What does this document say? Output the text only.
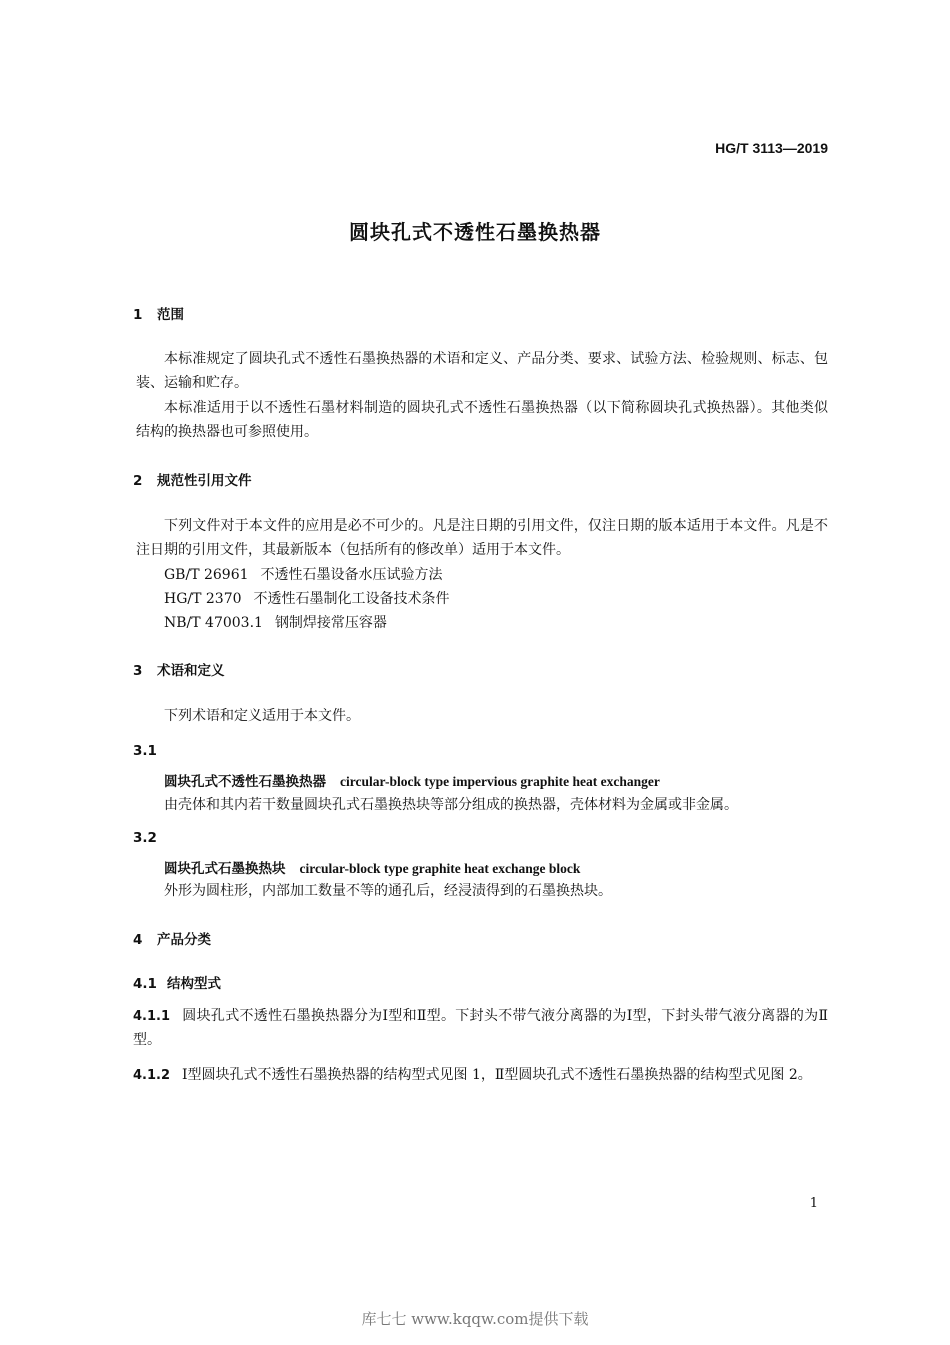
HG/T 3113—2019
圆块孔式不透性石墨换热器
1 范围
本标准规定了圆块孔式不透性石墨换热器的术语和定义、产品分类、要求、试验方法、检验规则、标志、包装、运输和贮存。
本标准适用于以不透性石墨材料制造的圆块孔式不透性石墨换热器（以下简称圆块孔式换热器）。其他类似结构的换热器也可参照使用。
2 规范性引用文件
下列文件对于本文件的应用是必不可少的。凡是注日期的引用文件，仅注日期的版本适用于本文件。凡是不注日期的引用文件，其最新版本（包括所有的修改单）适用于本文件。
GB/T 26961 不透性石墨设备水压试验方法
HG/T 2370 不透性石墨制化工设备技术条件
NB/T 47003.1 钢制焊接常压容器
3 术语和定义
下列术语和定义适用于本文件。
3.1
圆块孔式不透性石墨换热器 circular-block type impervious graphite heat exchanger
由壳体和其内若干数量圆块孔式石墨换热块等部分组成的换热器，壳体材料为金属或非金属。
3.2
圆块孔式石墨换热块 circular-block type graphite heat exchange block
外形为圆柱形，内部加工数量不等的通孔后，经浸渍得到的石墨换热块。
4 产品分类
4.1 结构型式
4.1.1 圆块孔式不透性石墨换热器分为Ⅰ型和Ⅱ型。下封头不带气液分离器的为Ⅰ型，下封头带气液分离器的为Ⅱ型。
4.1.2 Ⅰ型圆块孔式不透性石墨换热器的结构型式见图 1，Ⅱ型圆块孔式不透性石墨换热器的结构型式见图 2。
1
库七七 www.kqqw.com提供下载
